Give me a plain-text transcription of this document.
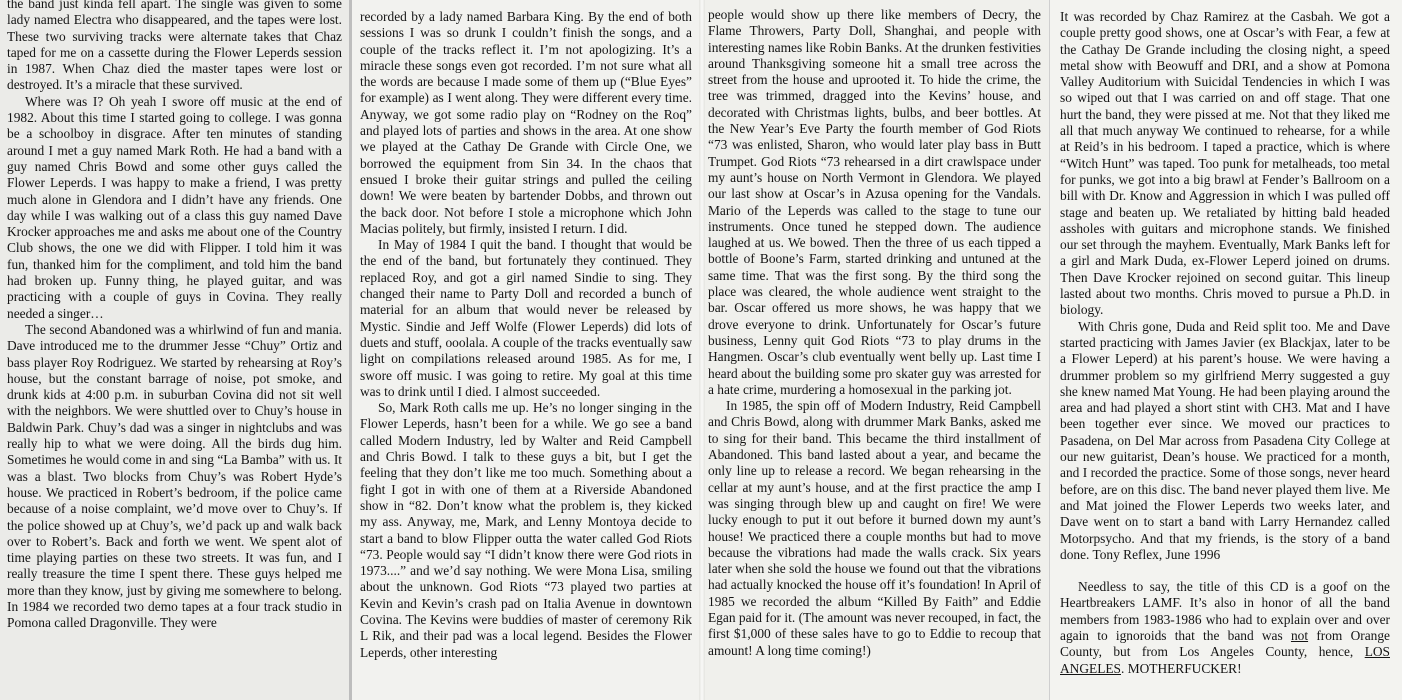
the band just kinda fell apart. The single was given to some lady named Electra who disappeared, and the tapes were lost. These two surviving tracks were alternate takes that Chaz taped for me on a cassette during the Flower Leperds session in 1987. When Chaz died the master tapes were lost or destroyed. It’s a miracle that these survived.

Where was I? Oh yeah I swore off music at the end of 1982. About this time I started going to college. I was gonna be a schoolboy in disgrace. After ten minutes of standing around I met a guy named Mark Roth. He had a band with a guy named Chris Bowd and some other guys called the Flower Leperds. I was happy to make a friend, I was pretty much alone in Glendora and I didn’t have any friends. One day while I was walking out of a class this guy named Dave Krocker approaches me and asks me about one of the Country Club shows, the one we did with Flipper. I told him it was fun, thanked him for the compliment, and told him the band had broken up. Funny thing, he played guitar, and was practicing with a couple of guys in Covina. They really needed a singer…

The second Abandoned was a whirlwind of fun and mania. Dave introduced me to the drummer Jesse “Chuy” Ortiz and bass player Roy Rodriguez. We started by rehearsing at Roy’s house, but the constant barrage of noise, pot smoke, and drunk kids at 4:00 p.m. in suburban Covina did not sit well with the neighbors. We were shuttled over to Chuy’s house in Baldwin Park. Chuy’s dad was a singer in nightclubs and was really hip to what we were doing. All the birds dug him. Sometimes he would come in and sing “La Bamba” with us. It was a blast. Two blocks from Chuy’s was Robert Hyde’s house. We practiced in Robert’s bedroom, if the police came because of a noise complaint, we’d move over to Chuy’s. If the police showed up at Chuy’s, we’d pack up and walk back over to Robert’s. Back and forth we went. We spent alot of time playing parties on these two streets. It was fun, and I really treasure the time I spent there. These guys helped me more than they know, just by giving me somewhere to belong. In 1984 we recorded two demo tapes at a four track studio in Pomona called Dragonville. They were

recorded by a lady named Barbara King. By the end of both sessions I was so drunk I couldn’t finish the songs, and a couple of the tracks reflect it. I’m not apologizing. It’s a miracle these songs even got recorded. I’m not sure what all the words are because I made some of them up (“Blue Eyes” for example) as I went along. They were different every time. Anyway, we got some radio play on “Rodney on the Roq” and played lots of parties and shows in the area. At one show we played at the Cathay De Grande with Circle One, we borrowed the equipment from Sin 34. In the chaos that ensued I broke their guitar strings and pulled the ceiling down! We were beaten by bartender Dobbs, and thrown out the back door. Not before I stole a microphone which John Macias politely, but firmly, insisted I return. I did.

In May of 1984 I quit the band. I thought that would be the end of the band, but fortunately they continued. They replaced Roy, and got a girl named Sindie to sing. They changed their name to Party Doll and recorded a bunch of material for an album that would never be released by Mystic. Sindie and Jeff Wolfe (Flower Leperds) did lots of duets and stuff, ooolala. A couple of the tracks eventually saw light on compilations released around 1985. As for me, I swore off music. I was going to retire. My goal at this time was to drink until I died. I almost succeeded.

So, Mark Roth calls me up. He’s no longer singing in the Flower Leperds, hasn’t been for a while. We go see a band called Modern Industry, led by Walter and Reid Campbell and Chris Bowd. I talk to these guys a bit, but I get the feeling that they don’t like me too much. Something about a fight I got in with one of them at a Riverside Abandoned show in “82. Don’t know what the problem is, they kicked my ass. Anyway, me, Mark, and Lenny Montoya decide to start a band to blow Flipper outta the water called God Riots “73. People would say “I didn’t know there were God riots in 1973....” and we’d say nothing. We were Mona Lisa, smiling about the unknown. God Riots “73 played two parties at Kevin and Kevin’s crash pad on Italia Avenue in downtown Covina. The Kevins were buddies of master of ceremony Rik L Rik, and their pad was a local legend. Besides the Flower Leperds, other interesting

people would show up there like members of Decry, the Flame Throwers, Party Doll, Shanghai, and people with interesting names like Robin Banks. At the drunken festivities around Thanksgiving someone hit a small tree across the street from the house and uprooted it. To hide the crime, the tree was trimmed, dragged into the Kevins’ house, and decorated with Christmas lights, bulbs, and beer bottles. At the New Year’s Eve Party the fourth member of God Riots “73 was enlisted, Sharon, who would later play bass in Butt Trumpet. God Riots “73 rehearsed in a dirt crawlspace under my aunt’s house on North Vermont in Glendora. We played our last show at Oscar’s in Azusa opening for the Vandals. Mario of the Leperds was called to the stage to tune our instruments. Once tuned he stepped down. The audience laughed at us. We bowed. Then the three of us each tipped a bottle of Boone’s Farm, started drinking and untuned at the same time. That was the first song. By the third song the place was cleared, the whole audience went straight to the bar. Oscar offered us more shows, he was happy that we drove everyone to drink. Unfortunately for Oscar’s future business, Lenny quit God Riots “73 to play drums in the Hangmen. Oscar’s club eventually went belly up. Last time I heard about the building some pro skater guy was arrested for a hate crime, murdering a homosexual in the parking jot.

In 1985, the spin off of Modern Industry, Reid Campbell and Chris Bowd, along with drummer Mark Banks, asked me to sing for their band. This became the third installment of Abandoned. This band lasted about a year, and became the only line up to release a record. We began rehearsing in the cellar at my aunt’s house, and at the first practice the amp I was singing through blew up and caught on fire! We were lucky enough to put it out before it burned down my aunt’s house! We practiced there a couple months but had to move because the vibrations had made the walls crack. Six years later when she sold the house we found out that the vibrations had actually knocked the house off it’s foundation! In April of 1985 we recorded the album “Killed By Faith” and Eddie Egan paid for it. (The amount was never recouped, in fact, the first $1,000 of these sales have to go to Eddie to recoup that amount! A long time coming!)

It was recorded by Chaz Ramirez at the Casbah. We got a couple pretty good shows, one at Oscar’s with Fear, a few at the Cathay De Grande including the closing night, a speed metal show with Beowuff and DRI, and a show at Pomona Valley Auditorium with Suicidal Tendencies in which I was so wiped out that I was carried on and off stage. That one hurt the band, they were pissed at me. Not that they liked me all that much anyway We continued to rehearse, for a while at Reid’s in his bedroom. I taped a practice, which is where “Witch Hunt” was taped. Too punk for metalheads, too metal for punks, we got into a big brawl at Fender’s Ballroom on a bill with Dr. Know and Aggression in which I was pulled off stage and beaten up. We retaliated by hitting bald headed assholes with guitars and microphone stands. We finished our set through the mayhem. Eventually, Mark Banks left for a girl and Mark Duda, ex-Flower Leperd joined on drums. Then Dave Krocker rejoined on second guitar. This lineup lasted about two months. Chris moved to pursue a Ph.D. in biology.

With Chris gone, Duda and Reid split too. Me and Dave started practicing with James Javier (ex Blackjax, later to be a Flower Leperd) at his parent’s house. We were having a drummer problem so my girlfriend Merry suggested a guy she knew named Mat Young. He had been playing around the area and had played a short stint with CH3. Mat and I have been together ever since. We moved our practices to Pasadena, on Del Mar across from Pasadena City College at our new guitarist, Dean’s house. We practiced for a month, and I recorded the practice. Some of those songs, never heard before, are on this disc. The band never played them live. Me and Mat joined the Flower Leperds two weeks later, and Dave went on to start a band with Larry Hernandez called Motorpsycho. And that my friends, is the story of a band done. Tony Reflex, June 1996

Needless to say, the title of this CD is a goof on the Heartbreakers LAMF. It’s also in honor of all the band members from 1983-1986 who had to explain over and over again to ignoroids that the band was not from Orange County, but from Los Angeles County, hence, LOS ANGELES. MOTHERFUCKER!
